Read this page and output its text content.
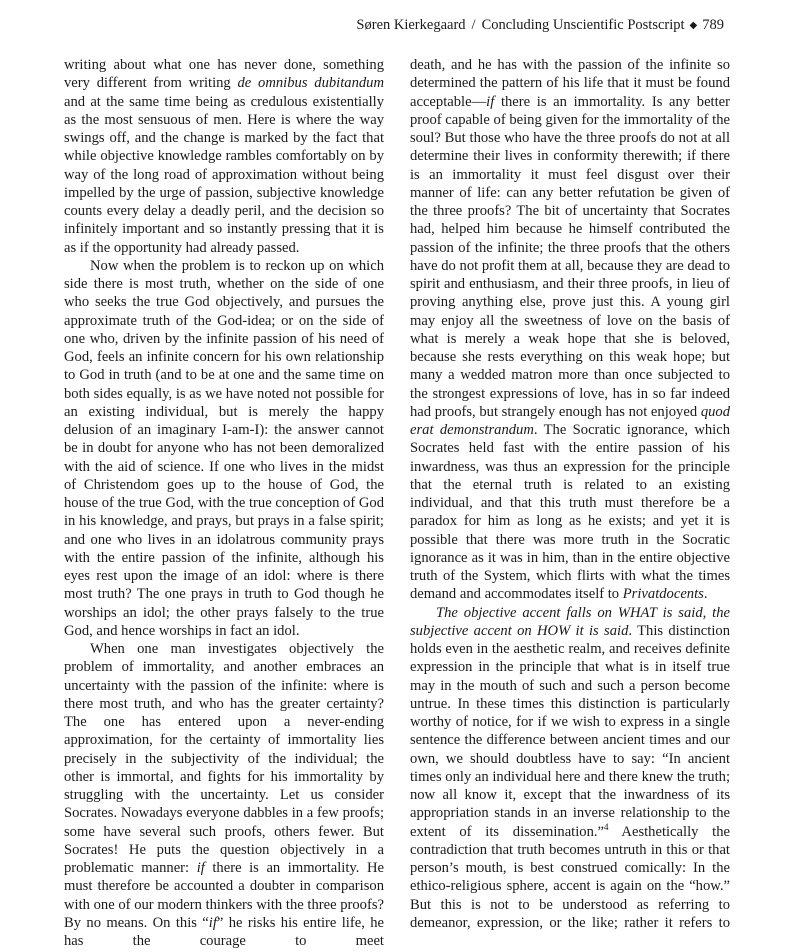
Søren Kierkegaard / Concluding Unscientific Postscript ◆ 789

writing about what one has never done, something very different from writing de omnibus dubitandum and at the same time being as credulous existentially as the most sensuous of men. Here is where the way swings off, and the change is marked by the fact that while objective knowledge rambles comfortably on by way of the long road of approximation without being impelled by the urge of passion, subjective knowledge counts every delay a deadly peril, and the decision so infinitely important and so instantly pressing that it is as if the opportunity had already passed.

Now when the problem is to reckon up on which side there is most truth, whether on the side of one who seeks the true God objectively, and pursues the approximate truth of the God-idea; or on the side of one who, driven by the infinite passion of his need of God, feels an infinite concern for his own relationship to God in truth (and to be at one and the same time on both sides equally, is as we have noted not possible for an existing individual, but is merely the happy delusion of an imaginary I-am-I): the answer cannot be in doubt for anyone who has not been demoralized with the aid of science. If one who lives in the midst of Christendom goes up to the house of God, the house of the true God, with the true conception of God in his knowledge, and prays, but prays in a false spirit; and one who lives in an idolatrous community prays with the entire passion of the infinite, although his eyes rest upon the image of an idol: where is there most truth? The one prays in truth to God though he worships an idol; the other prays falsely to the true God, and hence worships in fact an idol.

When one man investigates objectively the problem of immortality, and another embraces an uncertainty with the passion of the infinite: where is there most truth, and who has the greater certainty? The one has entered upon a never-ending approximation, for the certainty of immortality lies precisely in the subjectivity of the individual; the other is immortal, and fights for his immortality by struggling with the uncertainty. Let us consider Socrates. Nowadays everyone dabbles in a few proofs; some have several such proofs, others fewer. But Socrates! He puts the question objectively in a problematic manner: if there is an immortality. He must therefore be accounted a doubter in comparison with one of our modern thinkers with the three proofs? By no means. On this “if” he risks his entire life, he has the courage to meet

death, and he has with the passion of the infinite so determined the pattern of his life that it must be found acceptable—if there is an immortality. Is any better proof capable of being given for the immortality of the soul? But those who have the three proofs do not at all determine their lives in conformity therewith; if there is an immortality it must feel disgust over their manner of life: can any better refutation be given of the three proofs? The bit of uncertainty that Socrates had, helped him because he himself contributed the passion of the infinite; the three proofs that the others have do not profit them at all, because they are dead to spirit and enthusiasm, and their three proofs, in lieu of proving anything else, prove just this. A young girl may enjoy all the sweetness of love on the basis of what is merely a weak hope that she is beloved, because she rests everything on this weak hope; but many a wedded matron more than once subjected to the strongest expressions of love, has in so far indeed had proofs, but strangely enough has not enjoyed quod erat demonstrandum. The Socratic ignorance, which Socrates held fast with the entire passion of his inwardness, was thus an expression for the principle that the eternal truth is related to an existing individual, and that this truth must therefore be a paradox for him as long as he exists; and yet it is possible that there was more truth in the Socratic ignorance as it was in him, than in the entire objective truth of the System, which flirts with what the times demand and accommodates itself to Privatdocents.

The objective accent falls on WHAT is said, the subjective accent on HOW it is said. This distinction holds even in the aesthetic realm, and receives definite expression in the principle that what is in itself true may in the mouth of such and such a person become untrue. In these times this distinction is particularly worthy of notice, for if we wish to express in a single sentence the difference between ancient times and our own, we should doubtless have to say: “In ancient times only an individual here and there knew the truth; now all know it, except that the inwardness of its appropriation stands in an inverse relationship to the extent of its dissemination.”$^4$ Aesthetically the contradiction that truth becomes untruth in this or that person’s mouth, is best construed comically: In the ethico-religious sphere, accent is again on the “how.” But this is not to be understood as referring to demeanor, expression, or the like; rather it refers to
